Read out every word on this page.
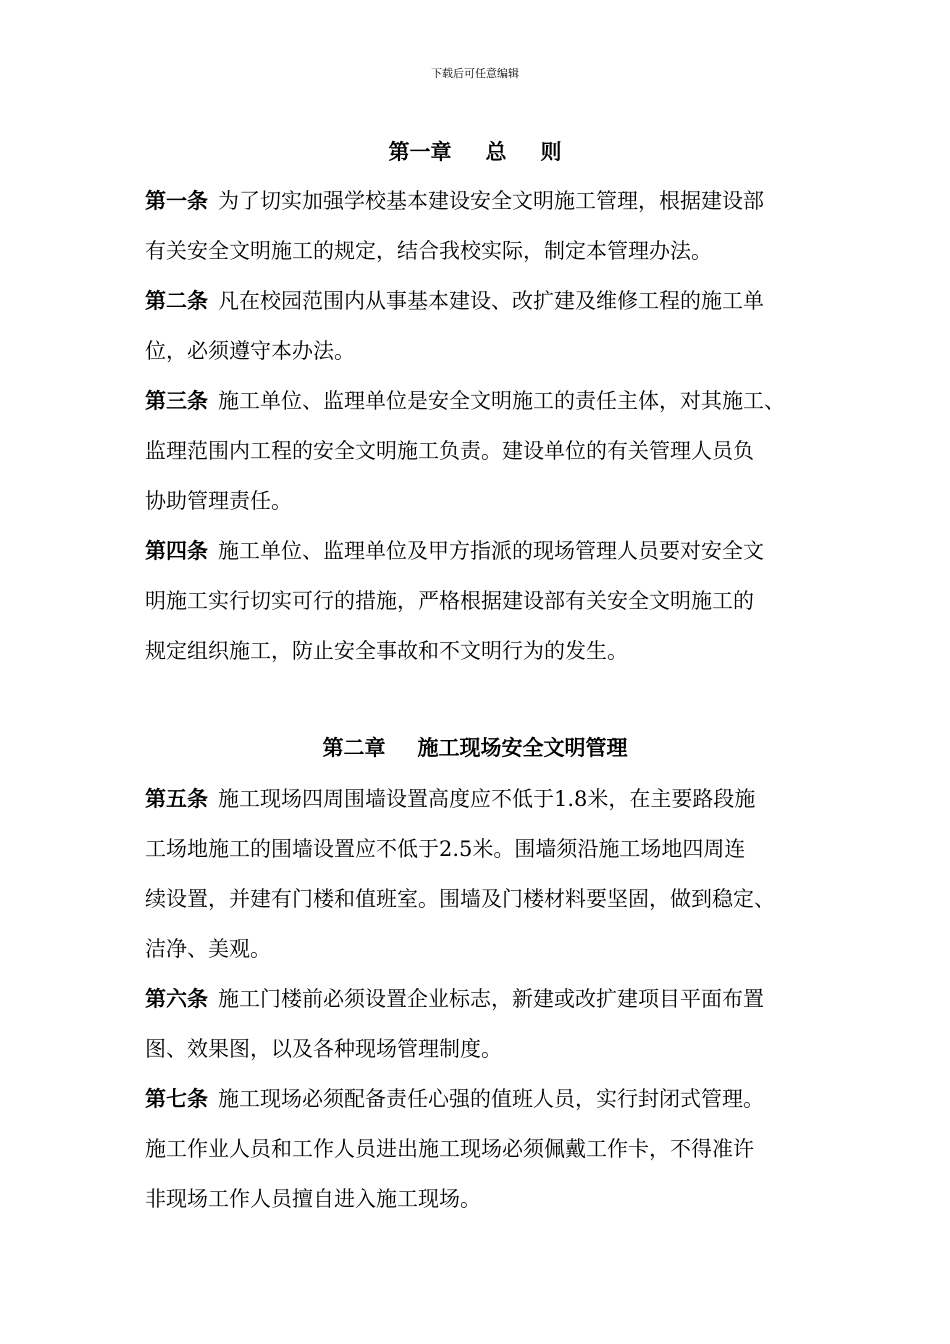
下载后可任意编辑
第一章 总 则
第一条 为了切实加强学校基本建设安全文明施工管理，根据建设部
有关安全文明施工的规定，结合我校实际，制定本管理办法。
第二条 凡在校园范围内从事基本建设、改扩建及维修工程的施工单
位，必须遵守本办法。
第三条 施工单位、监理单位是安全文明施工的责任主体，对其施工、
监理范围内工程的安全文明施工负责。建设单位的有关管理人员负
协助管理责任。
第四条 施工单位、监理单位及甲方指派的现场管理人员要对安全文
明施工实行切实可行的措施，严格根据建设部有关安全文明施工的
规定组织施工，防止安全事故和不文明行为的发生。
第二章 施工现场安全文明管理
第五条 施工现场四周围墙设置高度应不低于1.8米，在主要路段施
工场地施工的围墙设置应不低于2.5米。围墙须沿施工场地四周连
续设置，并建有门楼和值班室。围墙及门楼材料要坚固，做到稳定、
洁净、美观。
第六条 施工门楼前必须设置企业标志，新建或改扩建项目平面布置
图、效果图，以及各种现场管理制度。
第七条 施工现场必须配备责任心强的值班人员，实行封闭式管理。
施工作业人员和工作人员进出施工现场必须佩戴工作卡，不得准许
非现场工作人员擅自进入施工现场。
